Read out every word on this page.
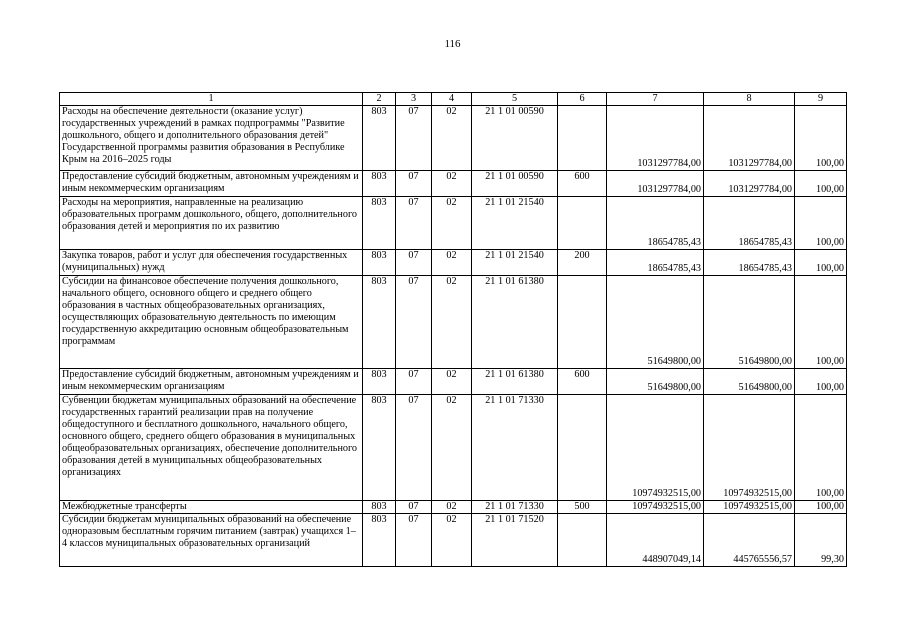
116
1	2	3	4	5	6	7	8	9
Расходы на обеспечение деятельности (оказание услуг) государственных учреждений в рамках подпрограммы "Развитие дошкольного, общего и дополнительного образования детей" Государственной программы развития образования в Республике Крым на 2016–2025 годы	803	07	02	21 1 01 00590		1031297784,00	1031297784,00	100,00
Предоставление субсидий бюджетным, автономным учреждениям и иным некоммерческим организациям	803	07	02	21 1 01 00590	600	1031297784,00	1031297784,00	100,00
Расходы на мероприятия, направленные на реализацию образовательных программ дошкольного, общего, дополнительного образования детей и мероприятия по их развитию	803	07	02	21 1 01 21540		18654785,43	18654785,43	100,00
Закупка товаров, работ и услуг для обеспечения государственных (муниципальных) нужд	803	07	02	21 1 01 21540	200	18654785,43	18654785,43	100,00
Субсидии на финансовое обеспечение получения дошкольного, начального общего, основного общего и среднего общего образования в частных общеобразовательных организациях, осуществляющих образовательную деятельность по имеющим государственную аккредитацию основным общеобразовательным программам	803	07	02	21 1 01 61380		51649800,00	51649800,00	100,00
Предоставление субсидий бюджетным, автономным учреждениям и иным некоммерческим организациям	803	07	02	21 1 01 61380	600	51649800,00	51649800,00	100,00
Субвенции бюджетам муниципальных образований на обеспечение государственных гарантий реализации прав на получение общедоступного и бесплатного дошкольного, начального общего, основного общего, среднего общего образования в муниципальных общеобразовательных организациях, обеспечение дополнительного образования детей в муниципальных общеобразовательных организациях	803	07	02	21 1 01 71330		10974932515,00	10974932515,00	100,00
Межбюджетные трансферты	803	07	02	21 1 01 71330	500	10974932515,00	10974932515,00	100,00
Субсидии бюджетам муниципальных образований на обеспечение одноразовым бесплатным горячим питанием (завтрак) учащихся 1–4 классов муниципальных образовательных организаций	803	07	02	21 1 01 71520		448907049,14	445765556,57	99,30
